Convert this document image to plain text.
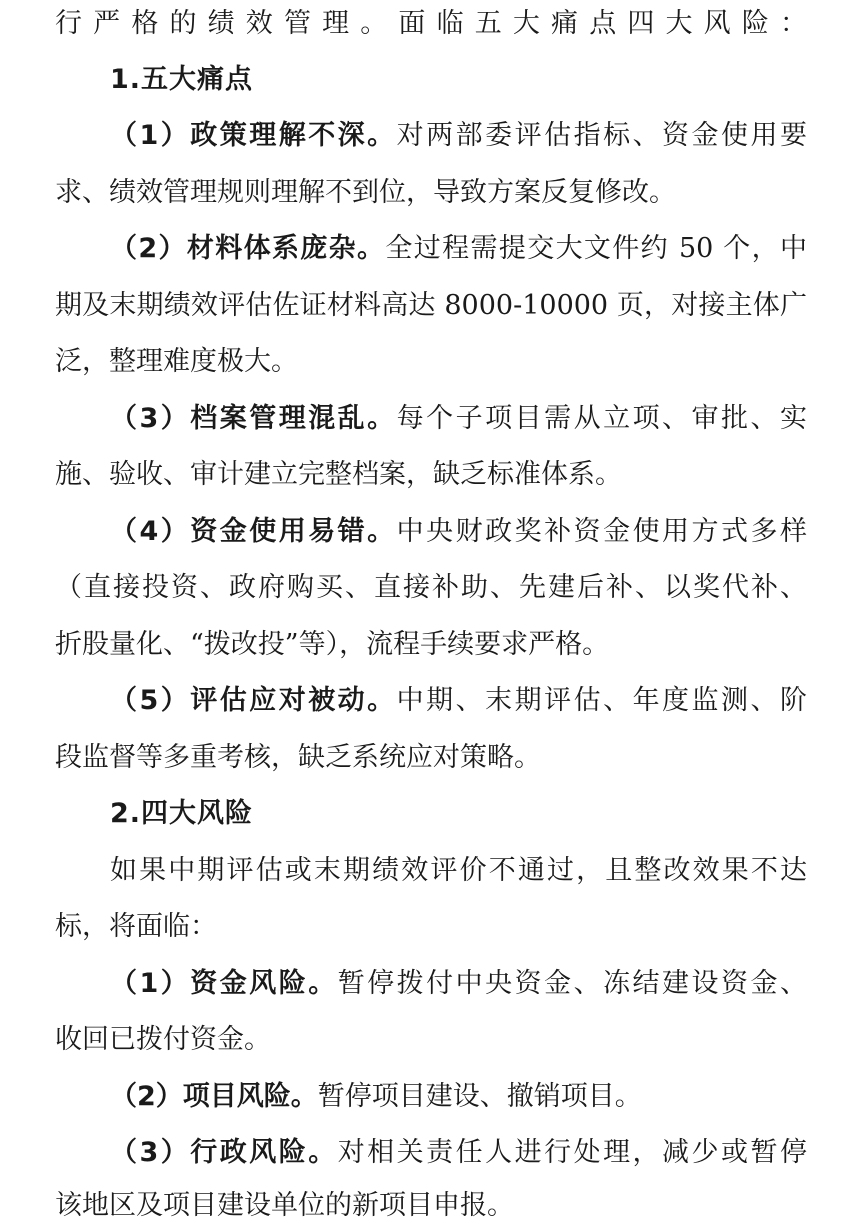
行严格的绩效管理。面临五大痛点四大风险：
1.五大痛点
（1）政策理解不深。对两部委评估指标、资金使用要
求、绩效管理规则理解不到位，导致方案反复修改。
（2）材料体系庞杂。全过程需提交大文件约 50 个，中
期及末期绩效评估佐证材料高达 8000-10000 页，对接主体广
泛，整理难度极大。
（3）档案管理混乱。每个子项目需从立项、审批、实
施、验收、审计建立完整档案，缺乏标准体系。
（4）资金使用易错。中央财政奖补资金使用方式多样
（直接投资、政府购买、直接补助、先建后补、以奖代补、
折股量化、“拨改投”等），流程手续要求严格。
（5）评估应对被动。中期、末期评估、年度监测、阶
段监督等多重考核，缺乏系统应对策略。
2.四大风险
如果中期评估或末期绩效评价不通过，且整改效果不达
标，将面临：
（1）资金风险。暂停拨付中央资金、冻结建设资金、
收回已拨付资金。
（2）项目风险。暂停项目建设、撤销项目。
（3）行政风险。对相关责任人进行处理，减少或暂停
该地区及项目建设单位的新项目申报。
